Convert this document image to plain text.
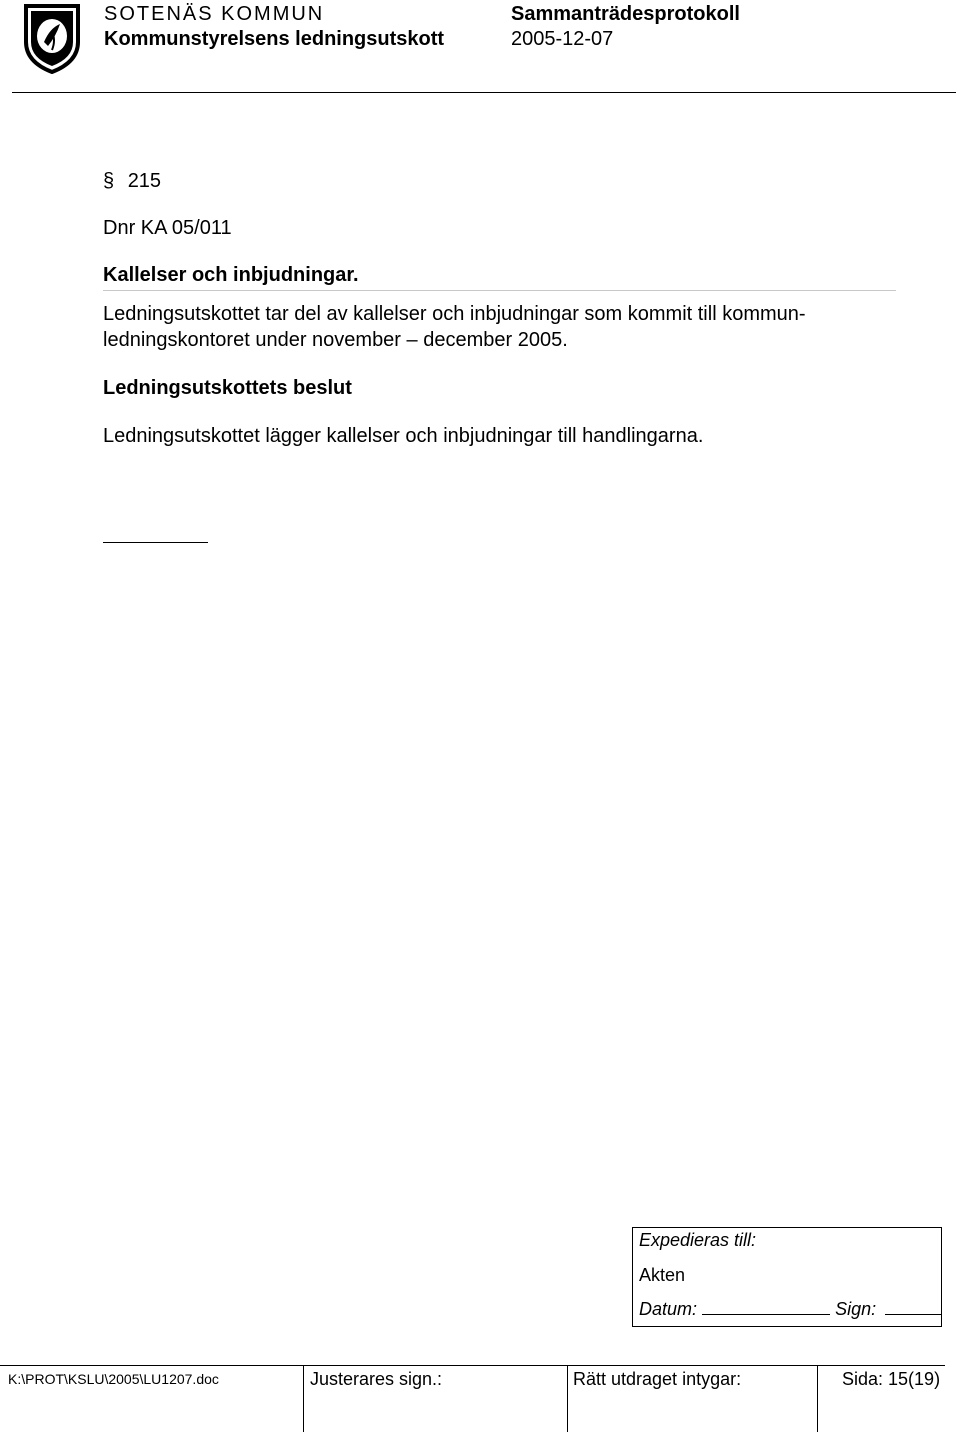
SOTENÄS KOMMUN
Kommunstyrelsens ledningsutskott
Sammanträdesprotokoll
2005-12-07
§ 215
Dnr KA 05/011
Kallelser och inbjudningar.
Ledningsutskottet tar del av kallelser och inbjudningar som kommit till kommun-
ledningskontoret under november – december 2005.
Ledningsutskottets beslut
Ledningsutskottet lägger kallelser och inbjudningar till handlingarna.
Expedieras till:
Akten
Datum:	Sign:
K:\PROT\KSLU\2005\LU1207.doc	Justerares sign.:	Rätt utdraget intygar:	Sida: 15(19)
